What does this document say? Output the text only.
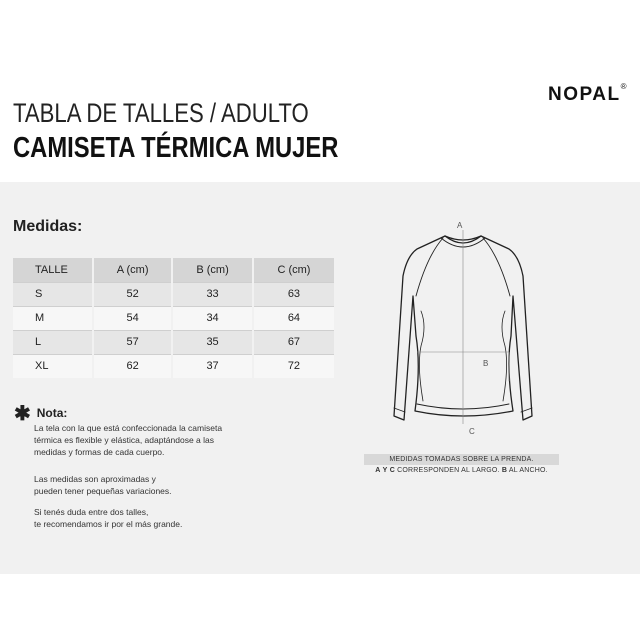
NOPAL®
TABLA DE TALLES / ADULTO
CAMISETA TÉRMICA MUJER
Medidas:
TALLE	A (cm)	B (cm)	C (cm)
S	52	33	63
M	54	34	64
L	57	35	67
XL	62	37	72
✱ Nota:
La tela con la que está confeccionada la camiseta
térmica es flexible y elástica, adaptándose a las
medidas y formas de cada cuerpo.
Las medidas son aproximadas y
pueden tener pequeñas variaciones.
Si tenés duda entre dos talles,
te recomendamos ir por el más grande.
A
B
C
MEDIDAS TOMADAS SOBRE LA PRENDA.
A Y C CORRESPONDEN AL LARGO. B AL ANCHO.
